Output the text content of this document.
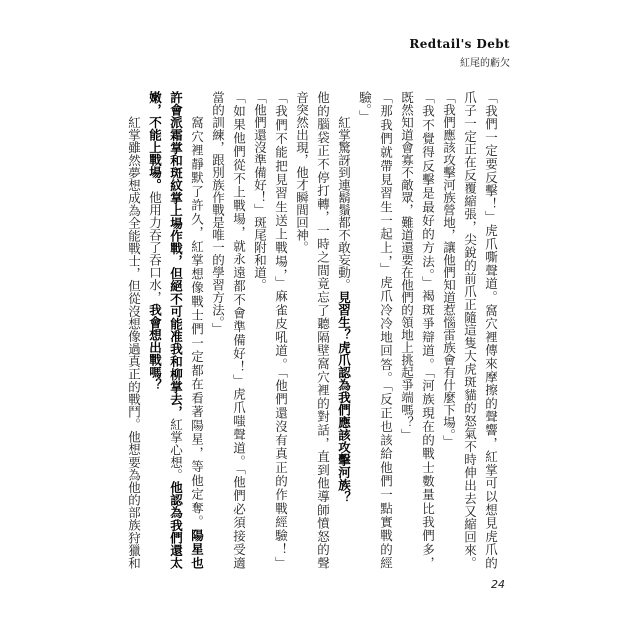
Redtail's Debt
紅尾的虧欠
「我們一定要反擊！」虎爪嘶聲道。窩穴裡傳來摩擦的聲響，紅掌可以想見虎爪的
爪子一定正在反覆縮張，尖銳的前爪正隨這隻大虎斑貓的怒氣不時伸出去又縮回來。
「我們應該攻擊河族營地，讓他們知道惹惱雷族會有什麼下場。」
「我不覺得反擊是最好的方法。」褐斑爭辯道。「河族現在的戰士數量比我們多，
既然知道會寡不敵眾，難道還要在他們的領地上挑起爭端嗎？」
「那我們就帶見習生一起上，」虎爪冷冷地回答。「反正也該給他們一點實戰的經
驗。」
紅掌驚訝到連鬍鬚都不敢妄動。見習生？虎爪認為我們應該攻擊河族？
他的腦袋正不停打轉，一時之間竟忘了聽隔壁窩穴裡的對話，直到他導師憤怒的聲
音突然出現，他才瞬間回神。
「我們不能把見習生送上戰場，」麻雀皮吼道。「他們還沒有真正的作戰經驗！」
「他們還沒準備好！」斑尾附和道。
「如果他們從不上戰場，就永遠都不會準備好！」虎爪嗤聲道。「他們必須接受適
當的訓練，跟別族作戰是唯一的學習方法。」
窩穴裡靜默了許久，紅掌想像戰士們一定都在看著陽星，等他定奪。陽星也
許會派霜掌和斑紋掌上場作戰，但絕不可能准我和柳掌去，紅掌心想。他認為我們還太
嫩，不能上戰場。他用力吞了吞口水，我會想出戰嗎？
紅掌雖然夢想成為全能戰士，但從沒想像過真正的戰鬥。他想要為他的部族狩獵和
24
